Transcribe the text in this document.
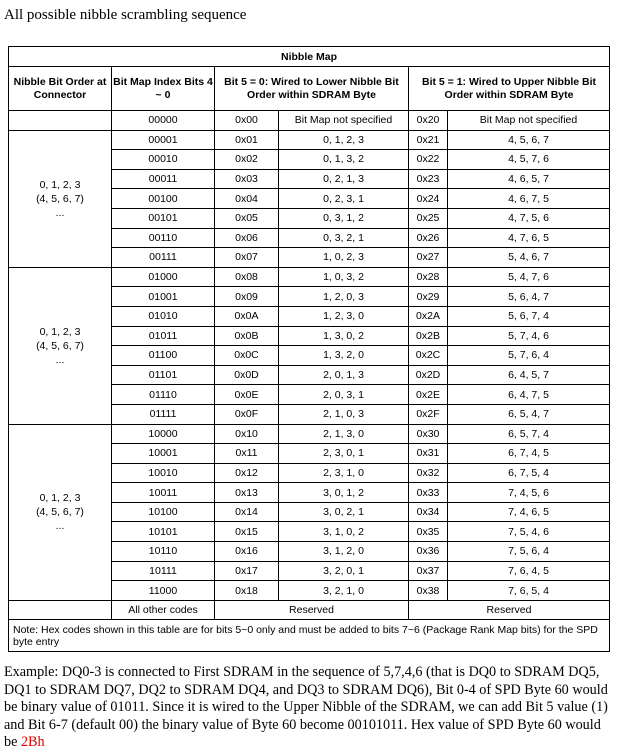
All possible nibble scrambling sequence
Nibble Map					
Nibble Bit Order at Connector	Bit Map Index Bits 4 ~ 0	Bit 5 = 0: Wired to Lower Nibble Bit Order within SDRAM Byte		Bit 5 = 1: Wired to Upper Nibble Bit Order within SDRAM Byte	
	00000	0x00	Bit Map not specified	0x20	Bit Map not specified

0, 1, 2, 3
(4, 5, 6, 7)
...	00001	0x01	0, 1, 2, 3	0x21	4, 5, 6, 7
	00010	0x02	0, 1, 3, 2	0x22	4, 5, 7, 6
	00011	0x03	0, 2, 1, 3	0x23	4, 6, 5, 7
	00100	0x04	0, 2, 3, 1	0x24	4, 6, 7, 5
	00101	0x05	0, 3, 1, 2	0x25	4, 7, 5, 6
	00110	0x06	0, 3, 2, 1	0x26	4, 7, 6, 5
	00111	0x07	1, 0, 2, 3	0x27	5, 4, 6, 7

0, 1, 2, 3
(4, 5, 6, 7)
...	01000	0x08	1, 0, 3, 2	0x28	5, 4, 7, 6
	01001	0x09	1, 2, 0, 3	0x29	5, 6, 4, 7
	01010	0x0A	1, 2, 3, 0	0x2A	5, 6, 7, 4
	01011	0x0B	1, 3, 0, 2	0x2B	5, 7, 4, 6
	01100	0x0C	1, 3, 2, 0	0x2C	5, 7, 6, 4
	01101	0x0D	2, 0, 1, 3	0x2D	6, 4, 5, 7
	01110	0x0E	2, 0, 3, 1	0x2E	6, 4, 7, 5
	01111	0x0F	2, 1, 0, 3	0x2F	6, 5, 4, 7

0, 1, 2, 3
(4, 5, 6, 7)
...	10000	0x10	2, 1, 3, 0	0x30	6, 5, 7, 4
	10001	0x11	2, 3, 0, 1	0x31	6, 7, 4, 5
	10010	0x12	2, 3, 1, 0	0x32	6, 7, 5, 4
	10011	0x13	3, 0, 1, 2	0x33	7, 4, 5, 6
	10100	0x14	3, 0, 2, 1	0x34	7, 4, 6, 5
	10101	0x15	3, 1, 0, 2	0x35	7, 5, 4, 6
	10110	0x16	3, 1, 2, 0	0x36	7, 5, 6, 4
	10111	0x17	3, 2, 0, 1	0x37	7, 6, 4, 5
	11000	0x18	3, 2, 1, 0	0x38	7, 6, 5, 4
	All other codes	Reserved		Reserved	
Note: Hex codes shown in this table are for bits 5~0 only and must be added to bits 7~6 (Package Rank Map bits) for the SPD byte entry					
Example: DQ0-3 is connected to First SDRAM in the sequence of 5,7,4,6 (that is DQ0 to SDRAM DQ5, DQ1 to SDRAM DQ7, DQ2 to SDRAM DQ4, and DQ3 to SDRAM DQ6), Bit 0-4 of SPD Byte 60 would be binary value of 01011. Since it is wired to the Upper Nibble of the SDRAM, we can add Bit 5 value (1) and Bit 6-7 (default 00) the binary value of Byte 60 become 00101011. Hex value of SPD Byte 60 would be 2Bh
